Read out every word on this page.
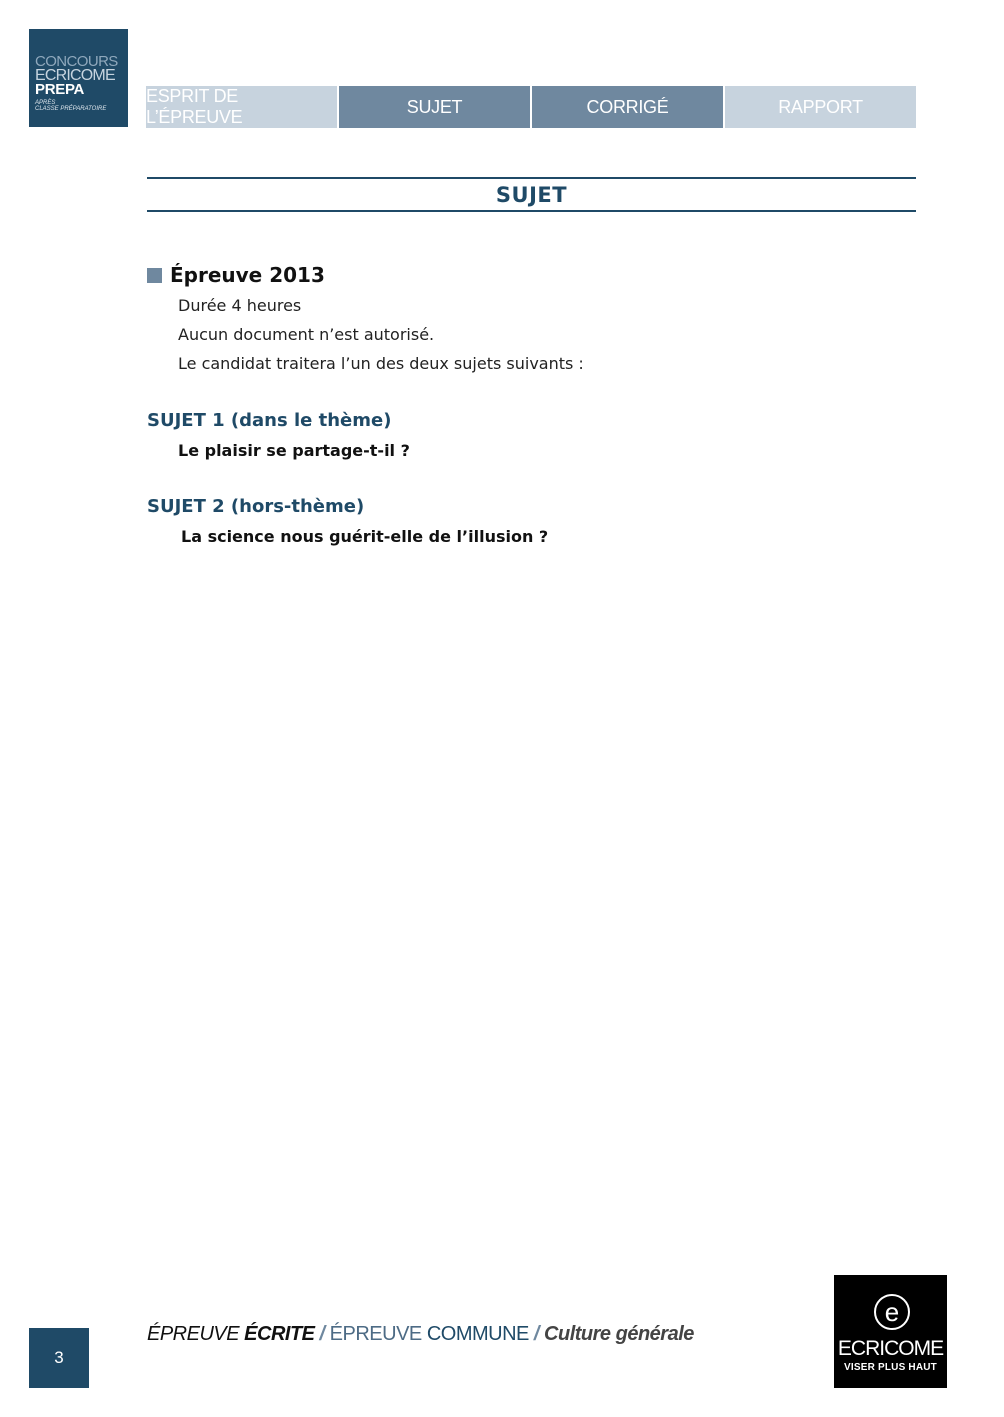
CONCOURS
ECRICOME
PREPA
APRÈS
CLASSE PRÉPARATOIRE
ESPRIT DE L’ÉPREUVE
SUJET	CORRIGÉ	RAPPORT
SUJET
Épreuve 2013
Durée 4 heures
Aucun document n’est autorisé.
Le candidat traitera l’un des deux sujets suivants :
SUJET 1 (dans le thème)
Le plaisir se partage-t-il ?
SUJET 2 (hors-thème)
La science nous guérit-elle de l’illusion ?
3
ÉPREUVE ÉCRITE / ÉPREUVE COMMUNE / Culture générale
e
ECRICOME
VISER PLUS HAUT
